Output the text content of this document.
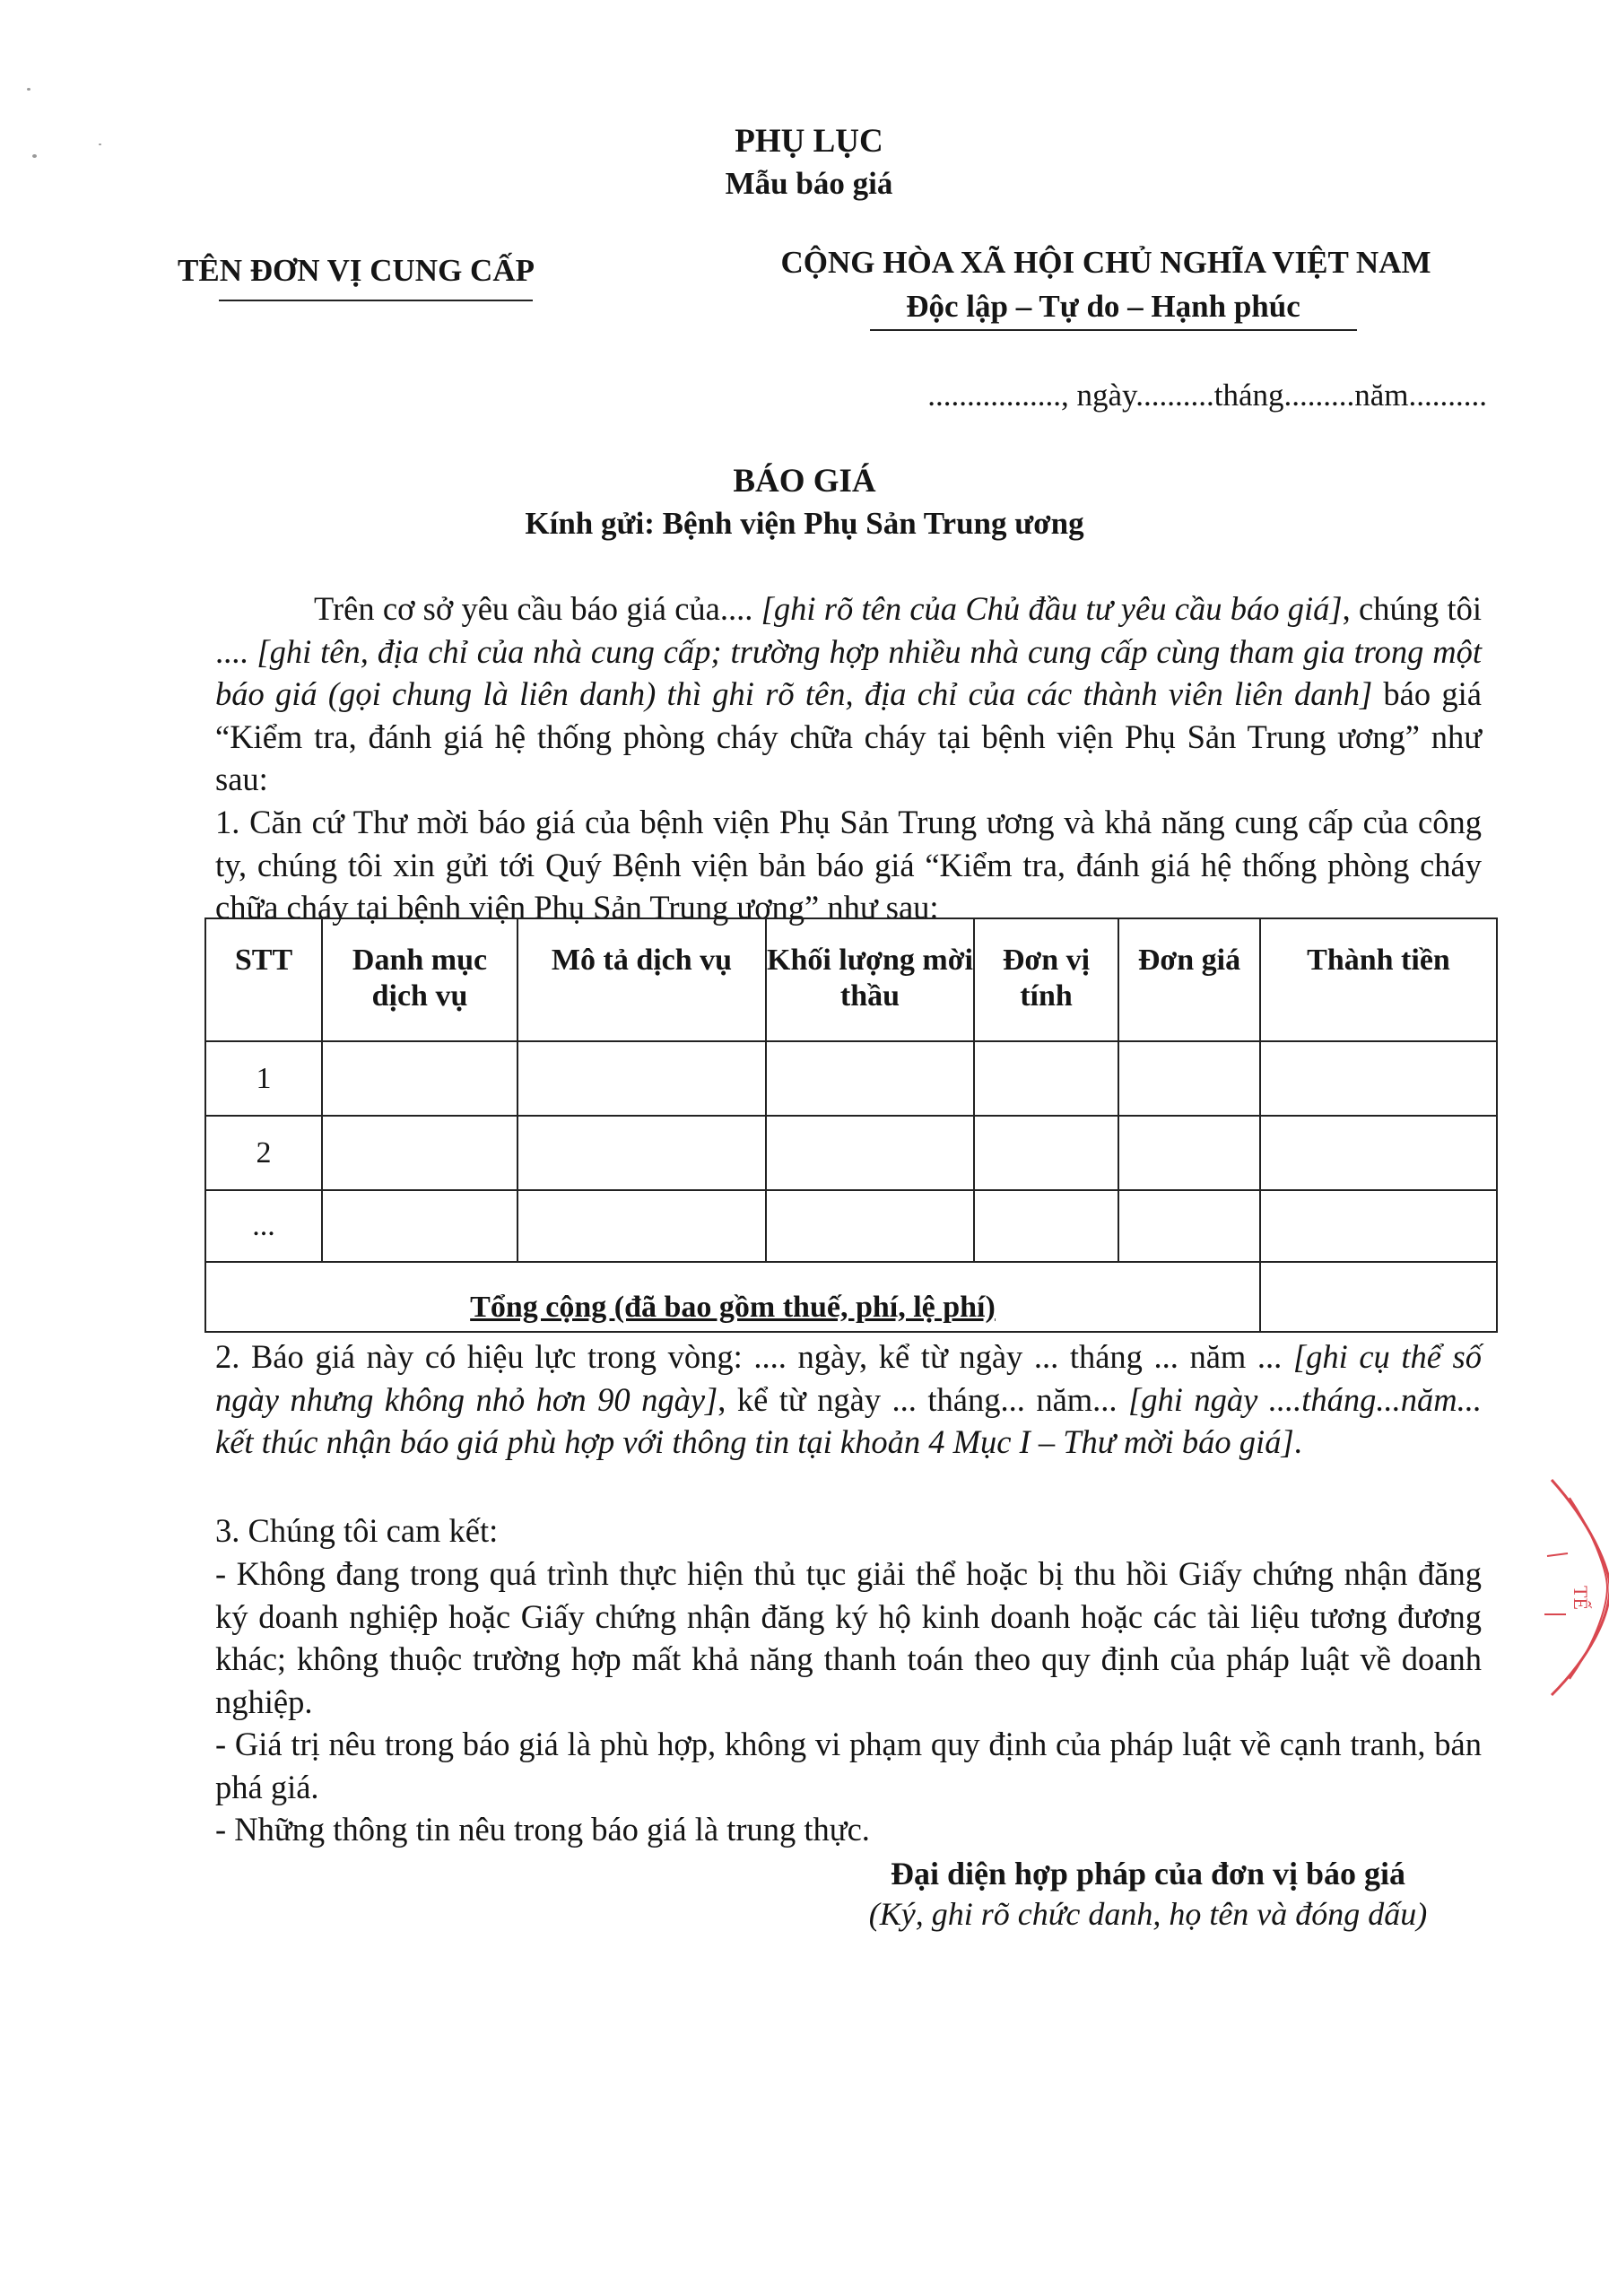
PHỤ LỤC
Mẫu báo giá
TÊN ĐƠN VỊ CUNG CẤP	CỘNG HÒA XÃ HỘI CHỦ NGHĨA VIỆT NAM
Độc lập – Tự do – Hạnh phúc
................., ngày..........tháng.........năm..........
BÁO GIÁ
Kính gửi: Bệnh viện Phụ Sản Trung ương
Trên cơ sở yêu cầu báo giá của.... [ghi rõ tên của Chủ đầu tư yêu cầu báo giá], chúng tôi .... [ghi tên, địa chỉ của nhà cung cấp; trường hợp nhiều nhà cung cấp cùng tham gia trong một báo giá (gọi chung là liên danh) thì ghi rõ tên, địa chỉ của các thành viên liên danh] báo giá “Kiểm tra, đánh giá hệ thống phòng cháy chữa cháy tại bệnh viện Phụ Sản Trung ương” như sau:
1. Căn cứ Thư mời báo giá của bệnh viện Phụ Sản Trung ương và khả năng cung cấp của công ty, chúng tôi xin gửi tới Quý Bệnh viện bản báo giá “Kiểm tra, đánh giá hệ thống phòng cháy chữa cháy tại bệnh viện Phụ Sản Trung ương” như sau:
STT	Danh mục dịch vụ	Mô tả dịch vụ	Khối lượng mời thầu	Đơn vị tính	Đơn giá	Thành tiền
1						
2						
...						
Tổng cộng (đã bao gồm thuế, phí, lệ phí)						
2. Báo giá này có hiệu lực trong vòng: .... ngày, kể từ ngày ... tháng ... năm ... [ghi cụ thể số ngày nhưng không nhỏ hơn 90 ngày], kể từ ngày ... tháng... năm... [ghi ngày ....tháng...năm... kết thúc nhận báo giá phù hợp với thông tin tại khoản 4 Mục I – Thư mời báo giá].
3. Chúng tôi cam kết:
- Không đang trong quá trình thực hiện thủ tục giải thể hoặc bị thu hồi Giấy chứng nhận đăng ký doanh nghiệp hoặc Giấy chứng nhận đăng ký hộ kinh doanh hoặc các tài liệu tương đương khác; không thuộc trường hợp mất khả năng thanh toán theo quy định của pháp luật về doanh nghiệp.
- Giá trị nêu trong báo giá là phù hợp, không vi phạm quy định của pháp luật về cạnh tranh, bán phá giá.
- Những thông tin nêu trong báo giá là trung thực.
Đại diện hợp pháp của đơn vị báo giá
(Ký, ghi rõ chức danh, họ tên và đóng dấu)
TẾ
